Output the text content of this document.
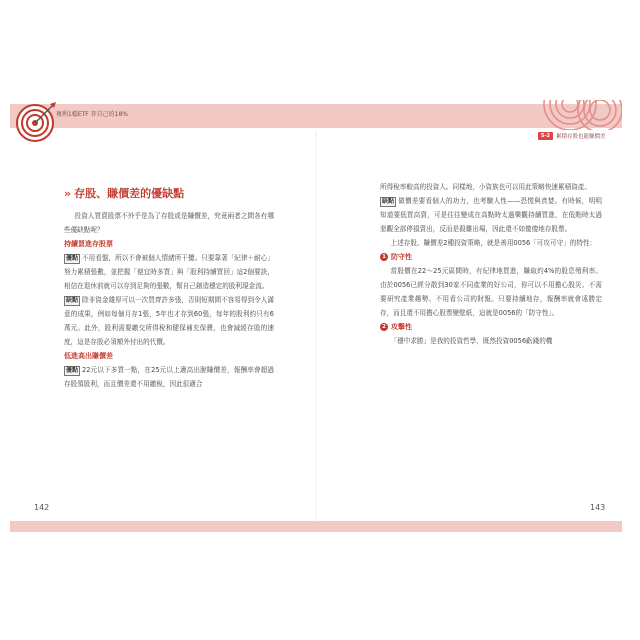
複利1檔ETF 存自己的18%
5-2	累積存股也能賺價差
» 存股、賺價差的優缺點

投資人買賣股票不外乎是為了存股或是賺價差，究竟兩者之間各有哪些優缺點呢？

持續買進存股票

優點 不用看盤，所以不會被個人情緒所干擾。只要靠著「紀律＋耐心」努力累積張數，並把握「便宜時多買」與「股利持續買回」這2個要訣，相信在退休前就可以存到足夠的張數，幫自己創造穩定的股利現金流。

缺點 除非資金雄厚可以一次買齊許多張，否則短期間不容易得到令人滿意的成果，例如每個月存1張，5年也才存到60張，每年的股利約只有6萬元。此外，股利需要繳交所得稅和健保補充保費，也會減緩存股的速度，這是存股必須額外付出的代價。

低進高出賺價差

優點 22元以下多買一點，在25元以上適高出脫賺價差，報酬率會超過存股領股利，而且價差還不用繳稅，因此很適合

所得稅率較高的投資人。同樣地，小資族也可以用此策略快速累積資產。

缺點 做價差要看個人的功力，也考驗人性——恐慌與貪婪。有時候，明明知道要低買高賣，可是往往變成在高點時太過樂觀持續買進，在低點時太過悲觀全部停損賣出，反而是殺雞出場，因此還不如傻傻地存股票。

上述存股、賺價差2種投資策略，就是善用0056「可攻可守」的特性：

1 防守性

當股價在22～25元區間時，有紀律地買進，賺取約4%的股息殖利率。由於0056已經分散到30家不同產業的好公司，你可以不用擔心股災、不需要研究產業趨勢、不用看公司的財報。只要持續地存，報酬率就會遠勝定存，而且還不用擔心股票變壁紙，這就是0056的「防守性」。

2 攻擊性

「穩中求勝」是我的投資哲學，既然投資0056虧錢的機

142	143
